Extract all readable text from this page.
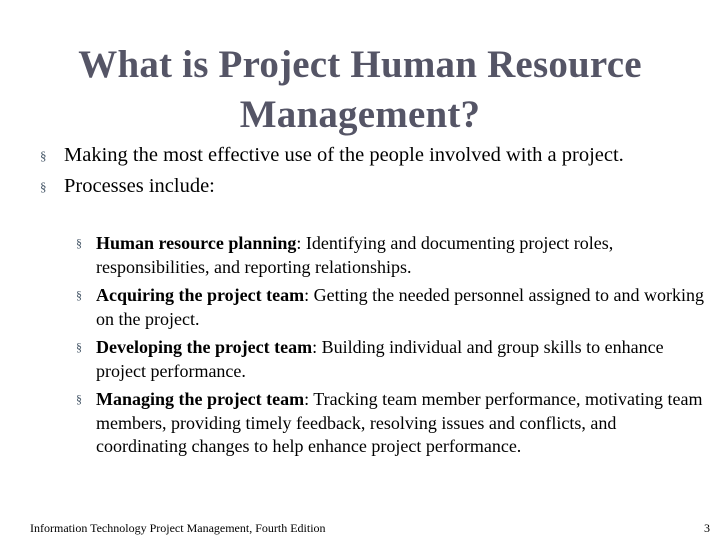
What is Project Human Resource
Management?
§ Making the most effective use of the people involved with a project.
§ Processes include:
§ Human resource planning: Identifying and documenting project roles, responsibilities, and reporting relationships.
§ Acquiring the project team: Getting the needed personnel assigned to and working on the project.
§ Developing the project team: Building individual and group skills to enhance project performance.
§ Managing the project team: Tracking team member performance, motivating team members, providing timely feedback, resolving issues and conflicts, and coordinating changes to help enhance project performance.
Information Technology Project Management, Fourth Edition	3
